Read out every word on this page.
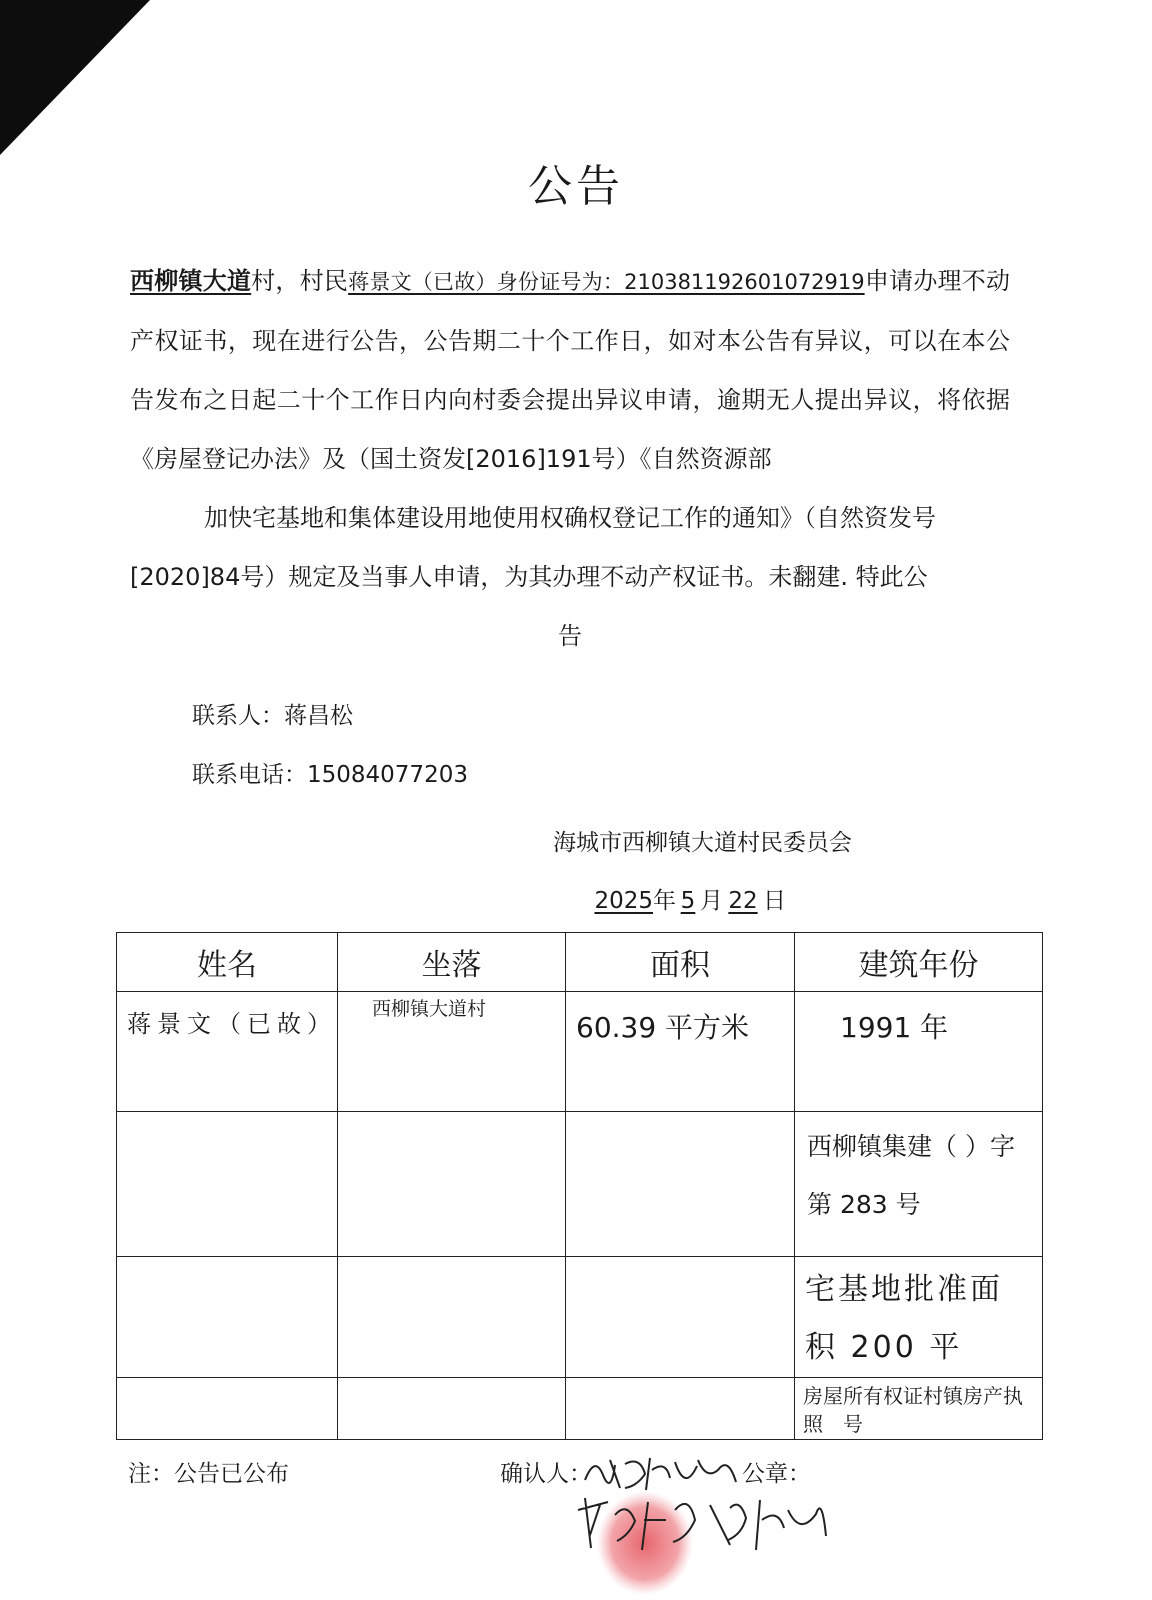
公告
西柳镇大道村，村民蒋景文（已故）身份证号为：210381192601072919申请办理不动产权证书，现在进行公告，公告期二十个工作日，如对本公告有异议，可以在本公告发布之日起二十个工作日内向村委会提出异议申请，逾期无人提出异议，将依据《房屋登记办法》及（国土资发[2016]191号）《自然资源部
加快宅基地和集体建设用地使用权确权登记工作的通知》（自然资发号
[2020]84号）规定及当事人申请，为其办理不动产权证书。未翻建. 特此公
告
联系人：蒋昌松
联系电话：15084077203
海城市西柳镇大道村民委员会
2025年 5 月 22 日
姓名	坐落	面积	建筑年份
蒋景文（已故）	西柳镇大道村	60.39 平方米	1991 年
			西柳镇集建（ ）字第 283 号
			宅基地批准面积 200 平
			房屋所有权证村镇房产执照　号
注：公告已公布	确认人：	公章：
